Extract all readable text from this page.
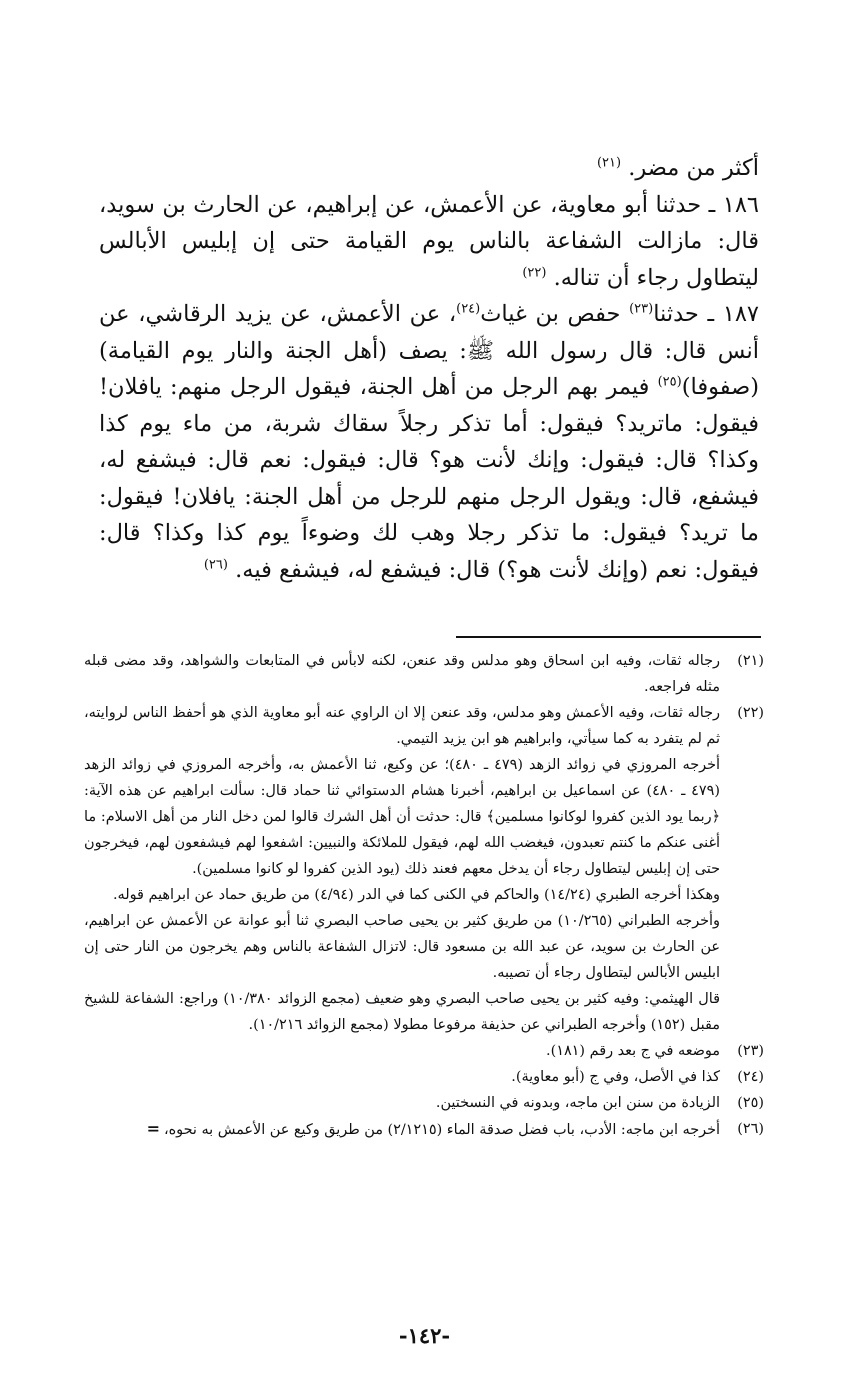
أكثر من مضر. $^{(٢١)}$

١٨٦ ـ حدثنا أبو معاوية، عن الأعمش، عن إبراهيم، عن الحارث بن سويد، قال: مازالت الشفاعة بالناس يوم القيامة حتى إن إبليس الأبالس ليتطاول رجاء أن تناله. $^{(٢٢)}$

١٨٧ ـ حدثنا$^{(٢٣)}$ حفص بن غياث$^{(٢٤)}$، عن الأعمش، عن يزيد الرقاشي، عن أنس قال: قال رسول الله ﷺ: يصف (أهل الجنة والنار يوم القيامة) (صفوفا)$^{(٢٥)}$ فيمر بهم الرجل من أهل الجنة، فيقول الرجل منهم: يافلان! فيقول: ماتريد؟ فيقول: أما تذكر رجلاً سقاك شربة، من ماء يوم كذا وكذا؟ قال: فيقول: وإنك لأنت هو؟ قال: فيقول: نعم قال: فيشفع له، فيشفع، قال: ويقول الرجل منهم للرجل من أهل الجنة: يافلان! فيقول: ما تريد؟ فيقول: ما تذكر رجلا وهب لك وضوءاً يوم كذا وكذا؟ قال: فيقول: نعم (وإنك لأنت هو؟) قال: فيشفع له، فيشفع فيه. $^{(٢٦)}$

(٢١)

رجاله ثقات، وفيه ابن اسحاق وهو مدلس وقد عنعن، لكنه لابأس في المتابعات والشواهد، وقد مضى قبله مثله فراجعه.

(٢٢)

رجاله ثقات، وفيه الأعمش وهو مدلس، وقد عنعن إلا ان الراوي عنه أبو معاوية الذي هو أحفظ الناس لروايته، ثم لم يتفرد به كما سيأتي، وابراهيم هو ابن يزيد التيمي.

أخرجه المروزي في زوائد الزهد (٤٧٩ ـ ٤٨٠)؛ عن وكيع، ثنا الأعمش به، وأخرجه المروزي في زوائد الزهد (٤٧٩ ـ ٤٨٠) عن اسماعيل بن ابراهيم، أخبرنا هشام الدستوائي ثنا حماد قال: سألت ابراهيم عن هذه الآية: ﴿ربما يود الذين كفروا لوكانوا مسلمين﴾ قال: حدثت أن أهل الشرك قالوا لمن دخل النار من أهل الاسلام: ما أغنى عنكم ما كنتم تعبدون، فيغضب الله لهم، فيقول للملائكة والنبيين: اشفعوا لهم فيشفعون لهم، فيخرجون حتى إن إبليس ليتطاول رجاء أن يدخل معهم فعند ذلك (يود الذين كفروا لو كانوا مسلمين).

وهكذا أخرجه الطبري (١٤/٢٤) والحاكم في الكنى كما في الدر (٤/٩٤) من طريق حماد عن ابراهيم قوله.

وأخرجه الطبراني (١٠/٢٦٥) من طريق كثير بن يحيى صاحب البصري ثنا أبو عوانة عن الأعمش عن ابراهيم، عن الحارث بن سويد، عن عبد الله بن مسعود قال: لاتزال الشفاعة بالناس وهم يخرجون من النار حتى إن ابليس الأبالس ليتطاول رجاء أن تصيبه.

قال الهيثمي: وفيه كثير بن يحيى صاحب البصري وهو ضعيف (مجمع الزوائد ١٠/٣٨٠) وراجع: الشفاعة للشيخ مقبل (١٥٢) وأخرجه الطبراني عن حذيفة مرفوعا مطولا (مجمع الزوائد ١٠/٢١٦).

(٢٣)

موضعه في ج بعد رقم (١٨١).

(٢٤)

كذا في الأصل، وفي ج (أبو معاوية).

(٢٥)

الزيادة من سنن ابن ماجه، وبدونه في النسختين.

(٢٦)

أخرجه ابن ماجه: الأدب، باب فضل صدقة الماء (٢/١٢١٥) من طريق وكيع عن الأعمش به نحوه،=

-١٤٢-
